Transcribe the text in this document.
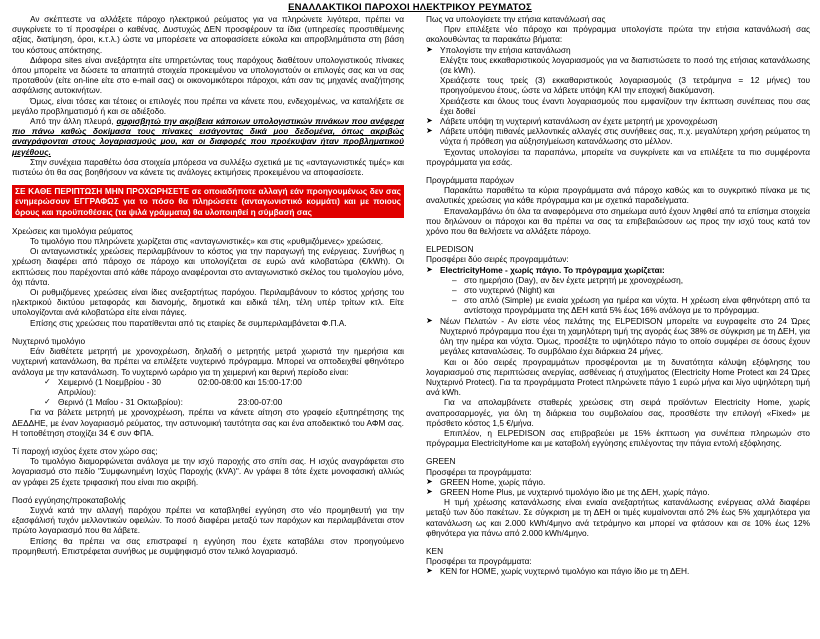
ΕΝΑΛΛΑΚΤΙΚΟΙ ΠΑΡΟΧΟΙ ΗΛΕΚΤΡΙΚΟΥ ΡΕΥΜΑΤΟΣ

Αν σκέπτεστε να αλλάξετε πάροχο ηλεκτρικού ρεύματος για να πληρώνετε λιγότερα, πρέπει να συγκρίνετε το τί προσφέρει ο καθένας. Δυστυχώς ΔΕΝ προσφέρουν τα ίδια (υπηρεσίες προστιθέμενης αξίας, διατίμηση, όροι, κ.τ.λ.) ώστε να μπορέσετε να αποφασίσετε εύκολα και απροβλημάτιστα στη βάση του κόστους απόκτησης.

Διάφορα sites είναι ανεξάρτητα είτε υπηρετώντας τους παρόχους διαθέτουν υπολογιστικούς πίνακες όπου μπορείτε να δώσετε τα απαιτητά στοιχεία προκειμένου να υπολογιστούν οι επιλογές σας και να σας προταθούν (είτε on-line είτε στο e-mail σας) οι οικονομικότεροι πάροχοι, κάτι σαν τις μηχανές αναζήτησης ασφάλισης αυτοκινήτων.

Όμως, είναι τόσες και τέτοιες οι επιλογές που πρέπει να κάνετε που, ενδεχομένως, να καταλήξετε σε μεγάλο προβληματισμό ή και σε αδιέξοδο.

Από την άλλη πλευρά, αμφισβητώ την ακρίβεια κάποιων υπολογιστικών πινάκων που ανέφερα πιο πάνω καθώς δοκίμασα τους πίνακες εισάγοντας δικά μου δεδομένα, όπως ακριβώς αναγράφονται στους λογαριασμούς μου, και οι διαφορές που προέκυψαν ήταν προβληματικού μεγέθους.

Στην συνέχεια παραθέτω όσα στοιχεία μπόρεσα να συλλέξω σχετικά με τις «ανταγωνιστικές τιμές» και πιστεύω ότι θα σας βοηθήσουν να κάνετε τις ανάλογες εκτιμήσεις προκειμένου να αποφασίσετε.

ΣΕ ΚΑΘΕ ΠΕΡΙΠΤΩΣΗ ΜΗΝ ΠΡΟΧΩΡΗΣΕΤΕ σε οποιαδήποτε αλλαγή εάν προηγουμένως δεν σας ενημερώσουν ΕΓΓΡΑΦΩΣ για το πόσο θα πληρώσετε (ανταγωνιστικό κομμάτι) και με ποιους όρους και προϋποθέσεις (τα ψιλά γράμματα) θα υλοποιηθεί η σύμβασή σας

Χρεώσεις και τιμολόγια ρεύματος

Το τιμολόγιο που πληρώνετε χωρίζεται στις «ανταγωνιστικές» και στις «ρυθμιζόμενες» χρεώσεις.

Οι ανταγωνιστικές χρεώσεις περιλαμβάνουν το κόστος για την παραγωγή της ενέργειας. Συνήθως η χρέωση διαφέρει από πάροχο σε πάροχο και υπολογίζεται σε ευρώ ανά κιλοβατώρα (€/kWh). Οι εκπτώσεις που παρέχονται από κάθε πάροχο αναφέρονται στο ανταγωνιστικό σκέλος του τιμολογίου μόνο, όχι πάντα.

Οι ρυθμιζόμενες χρεώσεις είναι ίδιες ανεξαρτήτως παρόχου. Περιλαμβάνουν το κόστος χρήσης του ηλεκτρικού δικτύου μεταφοράς και διανομής, δημοτικά και ειδικά τέλη, τέλη υπέρ τρίτων κτλ. Είτε υπολογίζονται ανά κιλοβατώρα είτε είναι πάγιες.

Επίσης στις χρεώσεις που παρατίθενται από τις εταιρίες δε συμπεριλαμβάνεται Φ.Π.Α.

Νυχτερινό τιμολόγιο

Εάν διαθέτετε μετρητή με χρονοχρέωση, δηλαδή ο μετρητής μετρά χωριστά την ημερήσια και νυχτερινή κατανάλωση, θα πρέπει να επιλέξετε νυχτερινό πρόγραμμα. Μπορεί να οπτοδειχθεί φθηνότερο ανάλογα με την κατανάλωση. Το νυχτερινό ωράριο για τη χειμερινή και θερινή περίοδο είναι:

✓ Χειμερινό (1 Νοεμβρίου - 30 Απριλίου):
02:00-08:00 και 15:00-17:00
✓ Θερινό (1 Μαΐου - 31 Οκτωβρίου):	23:00-07:00

Για να βάλετε μετρητή με χρονοχρέωση, πρέπει να κάνετε αίτηση στο γραφείο εξυπηρέτησης της ΔΕΔΔΗΕ, με έναν λογαριασμό ρεύματος, την αστυνομική ταυτότητα σας και ένα αποδεικτικό του ΑΦΜ σας. Η τοποθέτηση στοιχίζει 34 € συν ΦΠΑ.

Τί παροχή ισχύος έχετε στον χώρο σας;

Το τιμολόγιο διαμορφώνεται ανάλογα με την ισχύ παροχής στο σπίτι σας. Η ισχύς αναγράφεται στο λογαριασμό στο πεδίο "Συμφωνημένη Ισχύς Παροχής (kVA)". Αν γράφει 8 τότε έχετε μονοφασική αλλιώς αν γράφει 25 έχετε τριφασική που είναι πιο ακριβή.

Ποσό εγγύησης/προκαταβολής

Συχνά κατά την αλλαγή παρόχου πρέπει να καταβληθεί εγγύηση στο νέο προμηθευτή για την εξασφάλισή τυχόν μελλοντικών οφειλών. Το ποσό διαφέρει μεταξύ των παρόχων και περιλαμβάνεται στον πρώτο λογαριασμό που θα λάβετε.

Επίσης θα πρέπει να σας επιστραφεί η εγγύηση που έχετε καταβάλει στον προηγούμενο προμηθευτή. Επιστρέφεται συνήθως με συμψηφισμό στον τελικό λογαριασμό.

Πως να υπολογίσετε την ετήσια κατανάλωσή σας

Πριν επιλέξετε νέο πάροχο και πρόγραμμα υπολογίστε πρώτα την ετήσια κατανάλωσή σας ακολουθώντας τα παρακάτω βήματα:

➤ Υπολογίστε την ετήσια κατανάλωση

Ελέγξτε τους εκκαθαριστικούς λογαριασμούς για να διαπιστώσετε το ποσό της ετήσιας κατανάλωσης (σε kWh).

Χρειάζεστε τους τρείς (3) εκκαθαριστικούς λογαριασμούς (3 τετράμηνα = 12 μήνες) του προηγούμενου έτους, ώστε να λάβετε υπόψη ΚΑΙ την εποχική διακύμανση.

Χρειάζεστε και όλους τους έναντι λογαριασμούς που εμφανίζουν την έκπτωση συνέπειας που σας έχει δοθεί

➤ Λάβετε υπόψη τη νυχτερινή κατανάλωση αν έχετε μετρητή με χρονοχρέωση
➤ Λάβετε υπόψη πιθανές μελλοντικές αλλαγές στις συνήθειες σας, π.χ. μεγαλύτερη χρήση ρεύματος τη νύχτα ή πρόθεση για αύξηση/μείωση κατανάλωσης στο μέλλον.

Έχοντας υπολογίσει τα παραπάνω, μπορείτε να συγκρίνετε και να επιλέξετε τα πιο συμφέροντα προγράμματα για εσάς.

Προγράμματα παρόχων

Παρακάτω παραθέτω τα κύρια προγράμματα ανά πάροχο καθώς και το συγκριτικό πίνακα με τις αναλυτικές χρεώσεις για κάθε πρόγραμμα και με σχετικά παραδείγματα.

Επαναλαμβάνω ότι όλα τα αναφερόμενα στο σημείωμα αυτό έχουν ληφθεί από τα επίσημα στοιχεία που δηλώνουν οι πάροχοι και θα πρέπει να σας τα επιβεβαιώσουν ως προς την ισχύ τους κατά τον χρόνο που θα θελήσετε να αλλάξετε πάροχο.

ELPEDISON

Προσφέρει δύο σειρές προγραμμάτων:

➤ ElectricityHome - χωρίς πάγιο. Το πρόγραμμα χωρίζεται:
– στο ημερήσιο (Day), αν δεν έχετε μετρητή με χρονοχρέωση,
– στο νυχτερινό (Night) και
– στο απλό (Simple) με ενιαία χρέωση για ημέρα και νύχτα. Η χρέωση είναι φθηνότερη από τα αντίστοιχα προγράμματα της ΔΕΗ κατά 5% έως 16% ανάλογα με το πρόγραμμα.
➤ Νέων Πελατών - Αν είστε νέος πελάτης της ELPEDISON μπορείτε να ευγραφείτε στο 24 Ώρες Νυχτερινό πρόγραμμα που έχει τη χαμηλότερη τιμή της αγοράς έως 38% σε σύγκριση με τη ΔΕΗ, για όλη την ημέρα και νύχτα. Όμως, προσέξτε το υψηλότερο πάγιο το οποίο συμφέρει σε όσους έχουν μεγάλες καταναλώσεις. Το συμβόλαιο έχει διάρκεια 24 μήνες.

Και οι δύο σειρές προγραμμάτων προσφέρονται με τη δυνατότητα κάλυψη εξόφλησης του λογαριασμού στις περιπτώσεις ανεργίας, ασθένειας ή ατυχήματος (Electricity Home Protect και 24 Ώρες Νυχτερινό Protect). Για τα προγράμματα Protect πληρώνετε πάγιο 1 ευρώ μήνα και λίγο υψηλότερη τιμή ανά kWh.

Για να απολαμβάνετε σταθερές χρεώσεις στη σειρά προϊόντων Electricity Home, χωρίς αναπροσαρμογές, για όλη τη διάρκεια του συμβολαίου σας, προσθέστε την επιλογή «Fixed» με πρόσθετο κόστος 1,5 €/μήνα.

Επιπλέον, η ELPEDISON σας επιβραβεύει με 15% έκπτωση για συνέπεια πληρωμών στο πρόγραμμα ElectricityHome και με καταβολή εγγύησης επιλέγοντας την πάγια εντολή εξόφλησης.

GREEN

Προσφέρει τα προγράμματα:

➤ GREEN Home, χωρίς πάγιο.
➤ GREEN Home Plus, με νυχτερινό τιμολόγιο ίδιο με της ΔΕΗ, χωρίς πάγιο.

Η τιμή χρέωσης κατανάλωσης είναι ενιαία ανεξαρτήτως κατανάλωσης ενέργειας αλλά διαφέρει μεταξύ των δύο πακέτων. Σε σύγκριση με τη ΔΕΗ οι τιμές κυμαίνονται από 2% έως 5% χαμηλότερα για κατανάλωση ως και 2.000 kWh/4μηνο ανά τετράμηνο και μπορεί να φτάσουν και σε 10% έως 12% φθηνότερα για πάνω από 2.000 kWh/4μηνο.

KEN

Προσφέρει τα προγράμματα:

➤ KEN for HOME, χωρίς νυχτερινό τιμολόγιο και πάγιο ίδιο με τη ΔΕΗ.
